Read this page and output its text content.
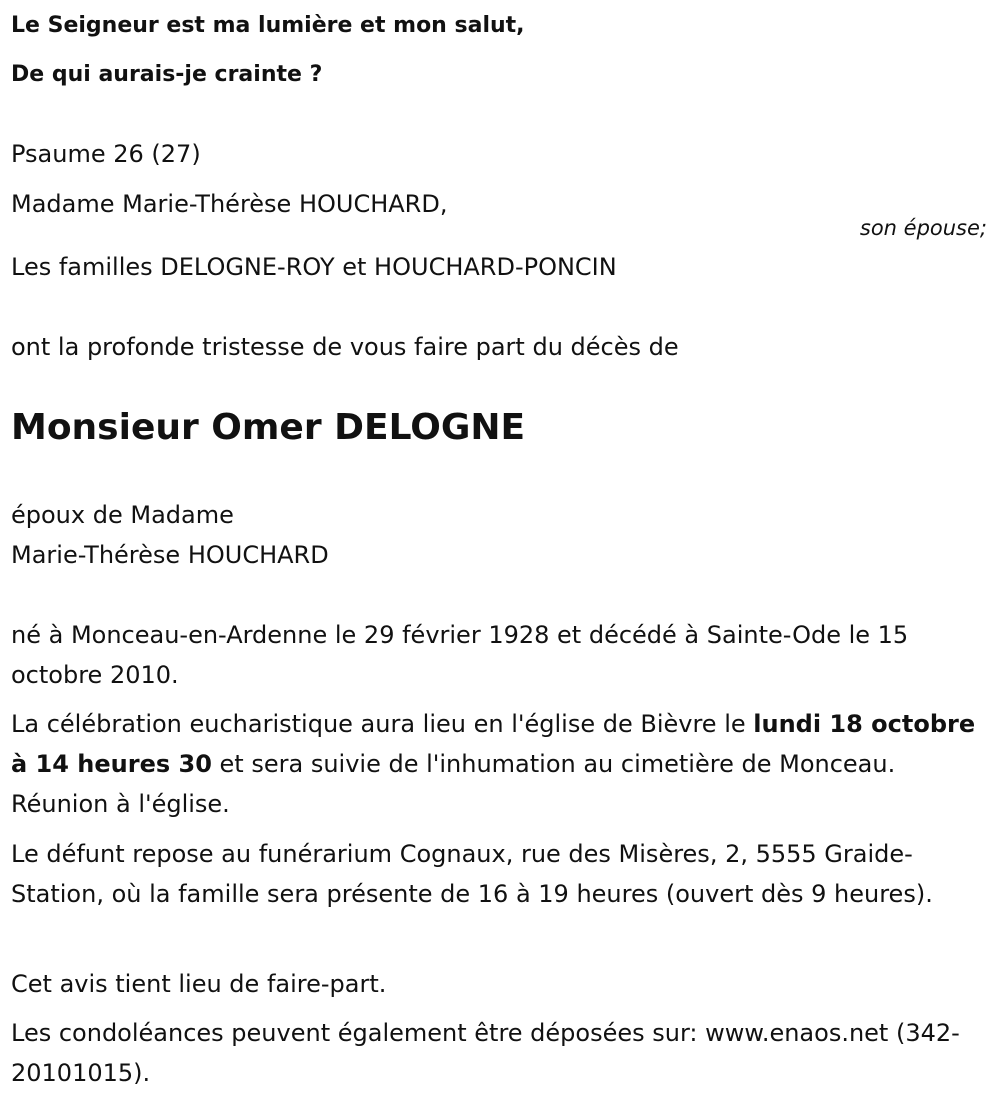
Le Seigneur est ma lumière et mon salut,
De qui aurais-je crainte ?
Psaume 26 (27)
Madame Marie-Thérèse HOUCHARD,
son épouse;
Les familles DELOGNE-ROY et HOUCHARD-PONCIN
ont la profonde tristesse de vous faire part du décès de
Monsieur Omer DELOGNE
époux de Madame
Marie-Thérèse HOUCHARD
né à Monceau-en-Ardenne le 29 février 1928 et décédé à Sainte-Ode le 15 octobre 2010.
La célébration eucharistique aura lieu en l'église de Bièvre le lundi 18 octobre à 14 heures 30 et sera suivie de l'inhumation au cimetière de Monceau. Réunion à l'église.
Le défunt repose au funérarium Cognaux, rue des Misères, 2, 5555 Graide-Station, où la famille sera présente de 16 à 19 heures (ouvert dès 9 heures).
Cet avis tient lieu de faire-part.
Les condoléances peuvent également être déposées sur: www.enaos.net (342-20101015).
